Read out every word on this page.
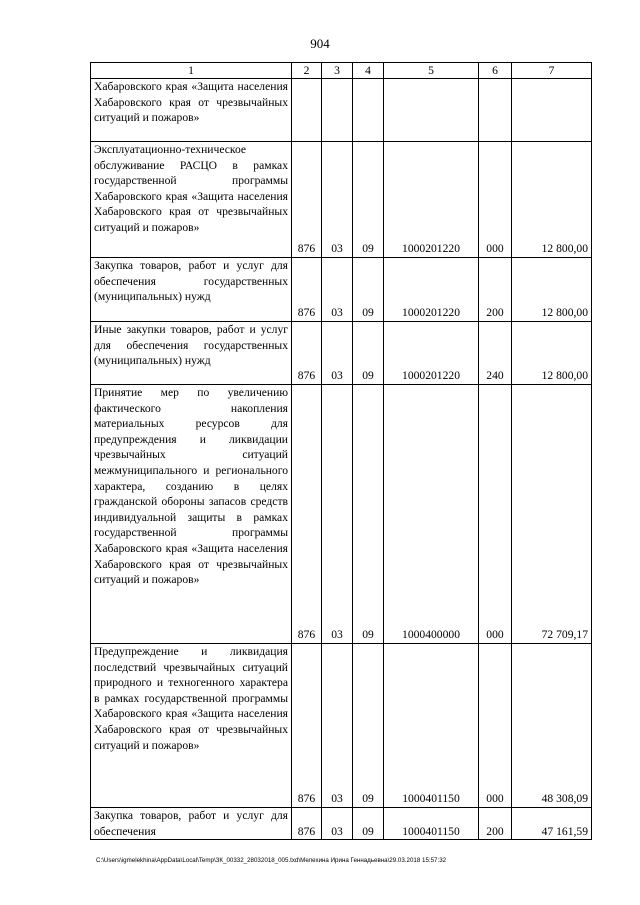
904
1	2	3	4	5	6	7
Хабаровского края «Защита населения Хабаровского края от чрезвычайных ситуаций и пожаров»						
Эксплуатационно-техническое обслуживание РАСЦО в рамках государственной программы Хабаровского края «Защита населения Хабаровского края от чрезвычайных ситуаций и пожаров»	876	03	09	1000201220	000	12 800,00
Закупка товаров, работ и услуг для обеспечения государственных (муниципальных) нужд	876	03	09	1000201220	200	12 800,00
Иные закупки товаров, работ и услуг для обеспечения государственных (муниципальных) нужд	876	03	09	1000201220	240	12 800,00
Принятие мер по увеличению фактического накопления материальных ресурсов для предупреждения и ликвидации чрезвычайных ситуаций межмуниципального и регионального характера, созданию в целях гражданской обороны запасов средств индивидуальной защиты в рамках государственной программы Хабаровского края «Защита населения Хабаровского края от чрезвычайных ситуаций и пожаров»	876	03	09	1000400000	000	72 709,17
Предупреждение и ликвидация последствий чрезвычайных ситуаций природного и техногенного характера в рамках государственной программы Хабаровского края «Защита населения Хабаровского края от чрезвычайных ситуаций и пожаров»	876	03	09	1000401150	000	48 308,09
Закупка товаров, работ и услуг для обеспечения	876	03	09	1000401150	200	47 161,59
C:\Users\igmelekhina\AppData\Local\Temp\ЗК_00332_28032018_005.txd\Мелехина Ирина Геннадьевна\29.03.2018 15:57:32
